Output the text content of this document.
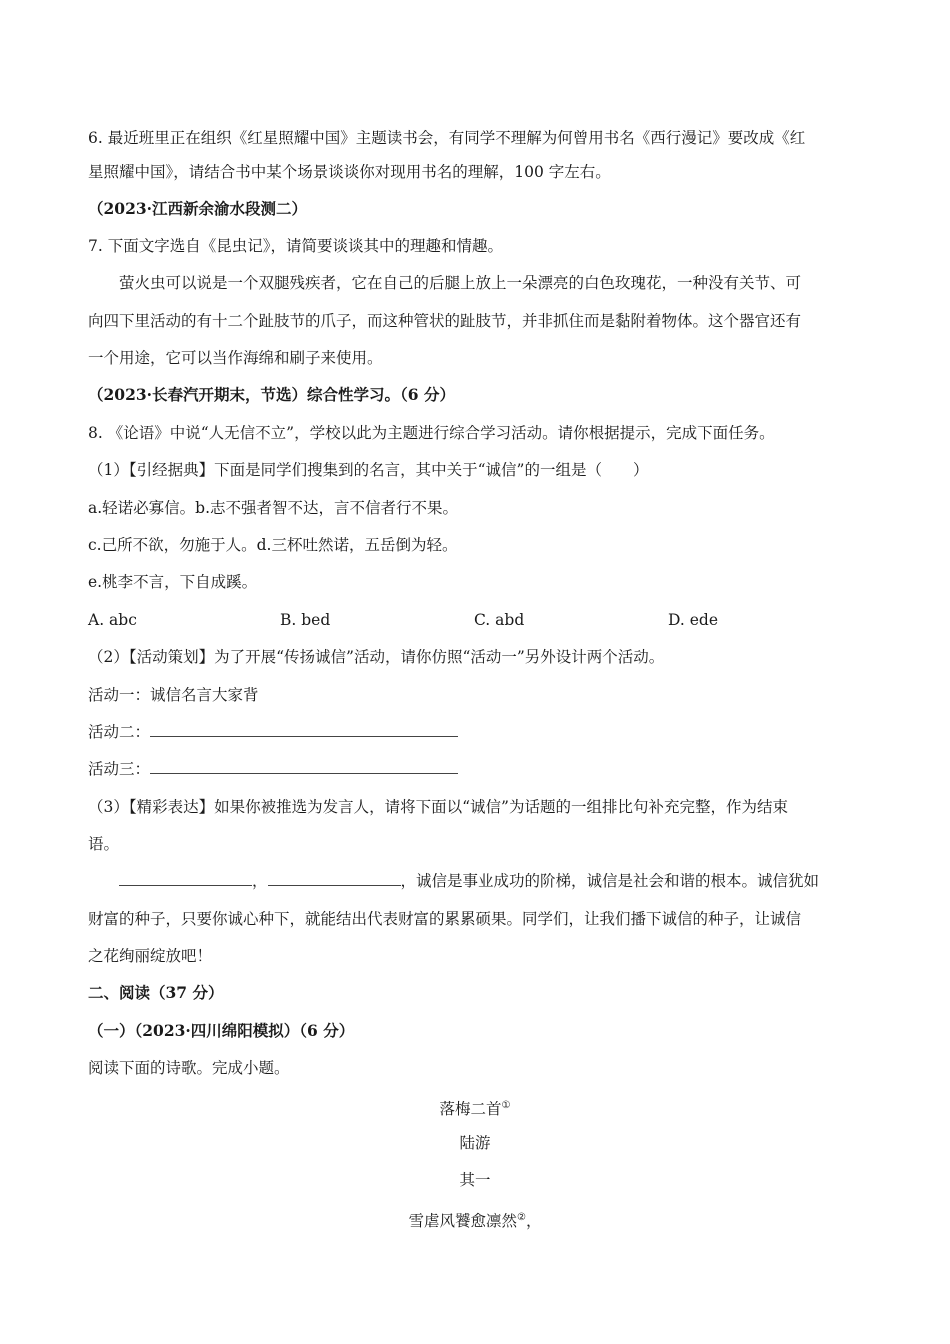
6. 最近班里正在组织《红星照耀中国》主题读书会，有同学不理解为何曾用书名《西行漫记》要改成《红
星照耀中国》，请结合书中某个场景谈谈你对现用书名的理解，100 字左右。
（2023·江西新余渝水段测二）
7. 下面文字选自《昆虫记》，请简要谈谈其中的理趣和情趣。
萤火虫可以说是一个双腿残疾者，它在自己的后腿上放上一朵漂亮的白色玫瑰花，一种没有关节、可
向四下里活动的有十二个趾肢节的爪子，而这种管状的趾肢节，并非抓住而是黏附着物体。这个器官还有
一个用途，它可以当作海绵和刷子来使用。
（2023·长春汽开期末，节选）综合性学习。（6 分）
8. 《论语》中说“人无信不立”，学校以此为主题进行综合学习活动。请你根据提示，完成下面任务。
（1）【引经据典】下面是同学们搜集到的名言，其中关于“诚信”的一组是（　　）
a.轻诺必寡信。b.志不强者智不达，言不信者行不果。
c.己所不欲，勿施于人。d.三杯吐然诺，五岳倒为轻。
e.桃李不言，下自成蹊。
A. abc	B. bed	C. abd	D. ede
（2）【活动策划】为了开展“传扬诚信”活动，请你仿照“活动一”另外设计两个活动。
活动一：诚信名言大家背
活动二：
活动三：
（3）【精彩表达】如果你被推选为发言人，请将下面以“诚信”为话题的一组排比句补充完整，作为结束
语。
，	，诚信是事业成功的阶梯，诚信是社会和谐的根本。诚信犹如
财富的种子，只要你诚心种下，就能结出代表财富的累累硕果。同学们，让我们播下诚信的种子，让诚信
之花绚丽绽放吧！
二、阅读（37 分）
（一）（2023·四川绵阳模拟）（6 分）
阅读下面的诗歌。完成小题。
落梅二首①
陆游
其一
雪虐风饕愈凛然②，
